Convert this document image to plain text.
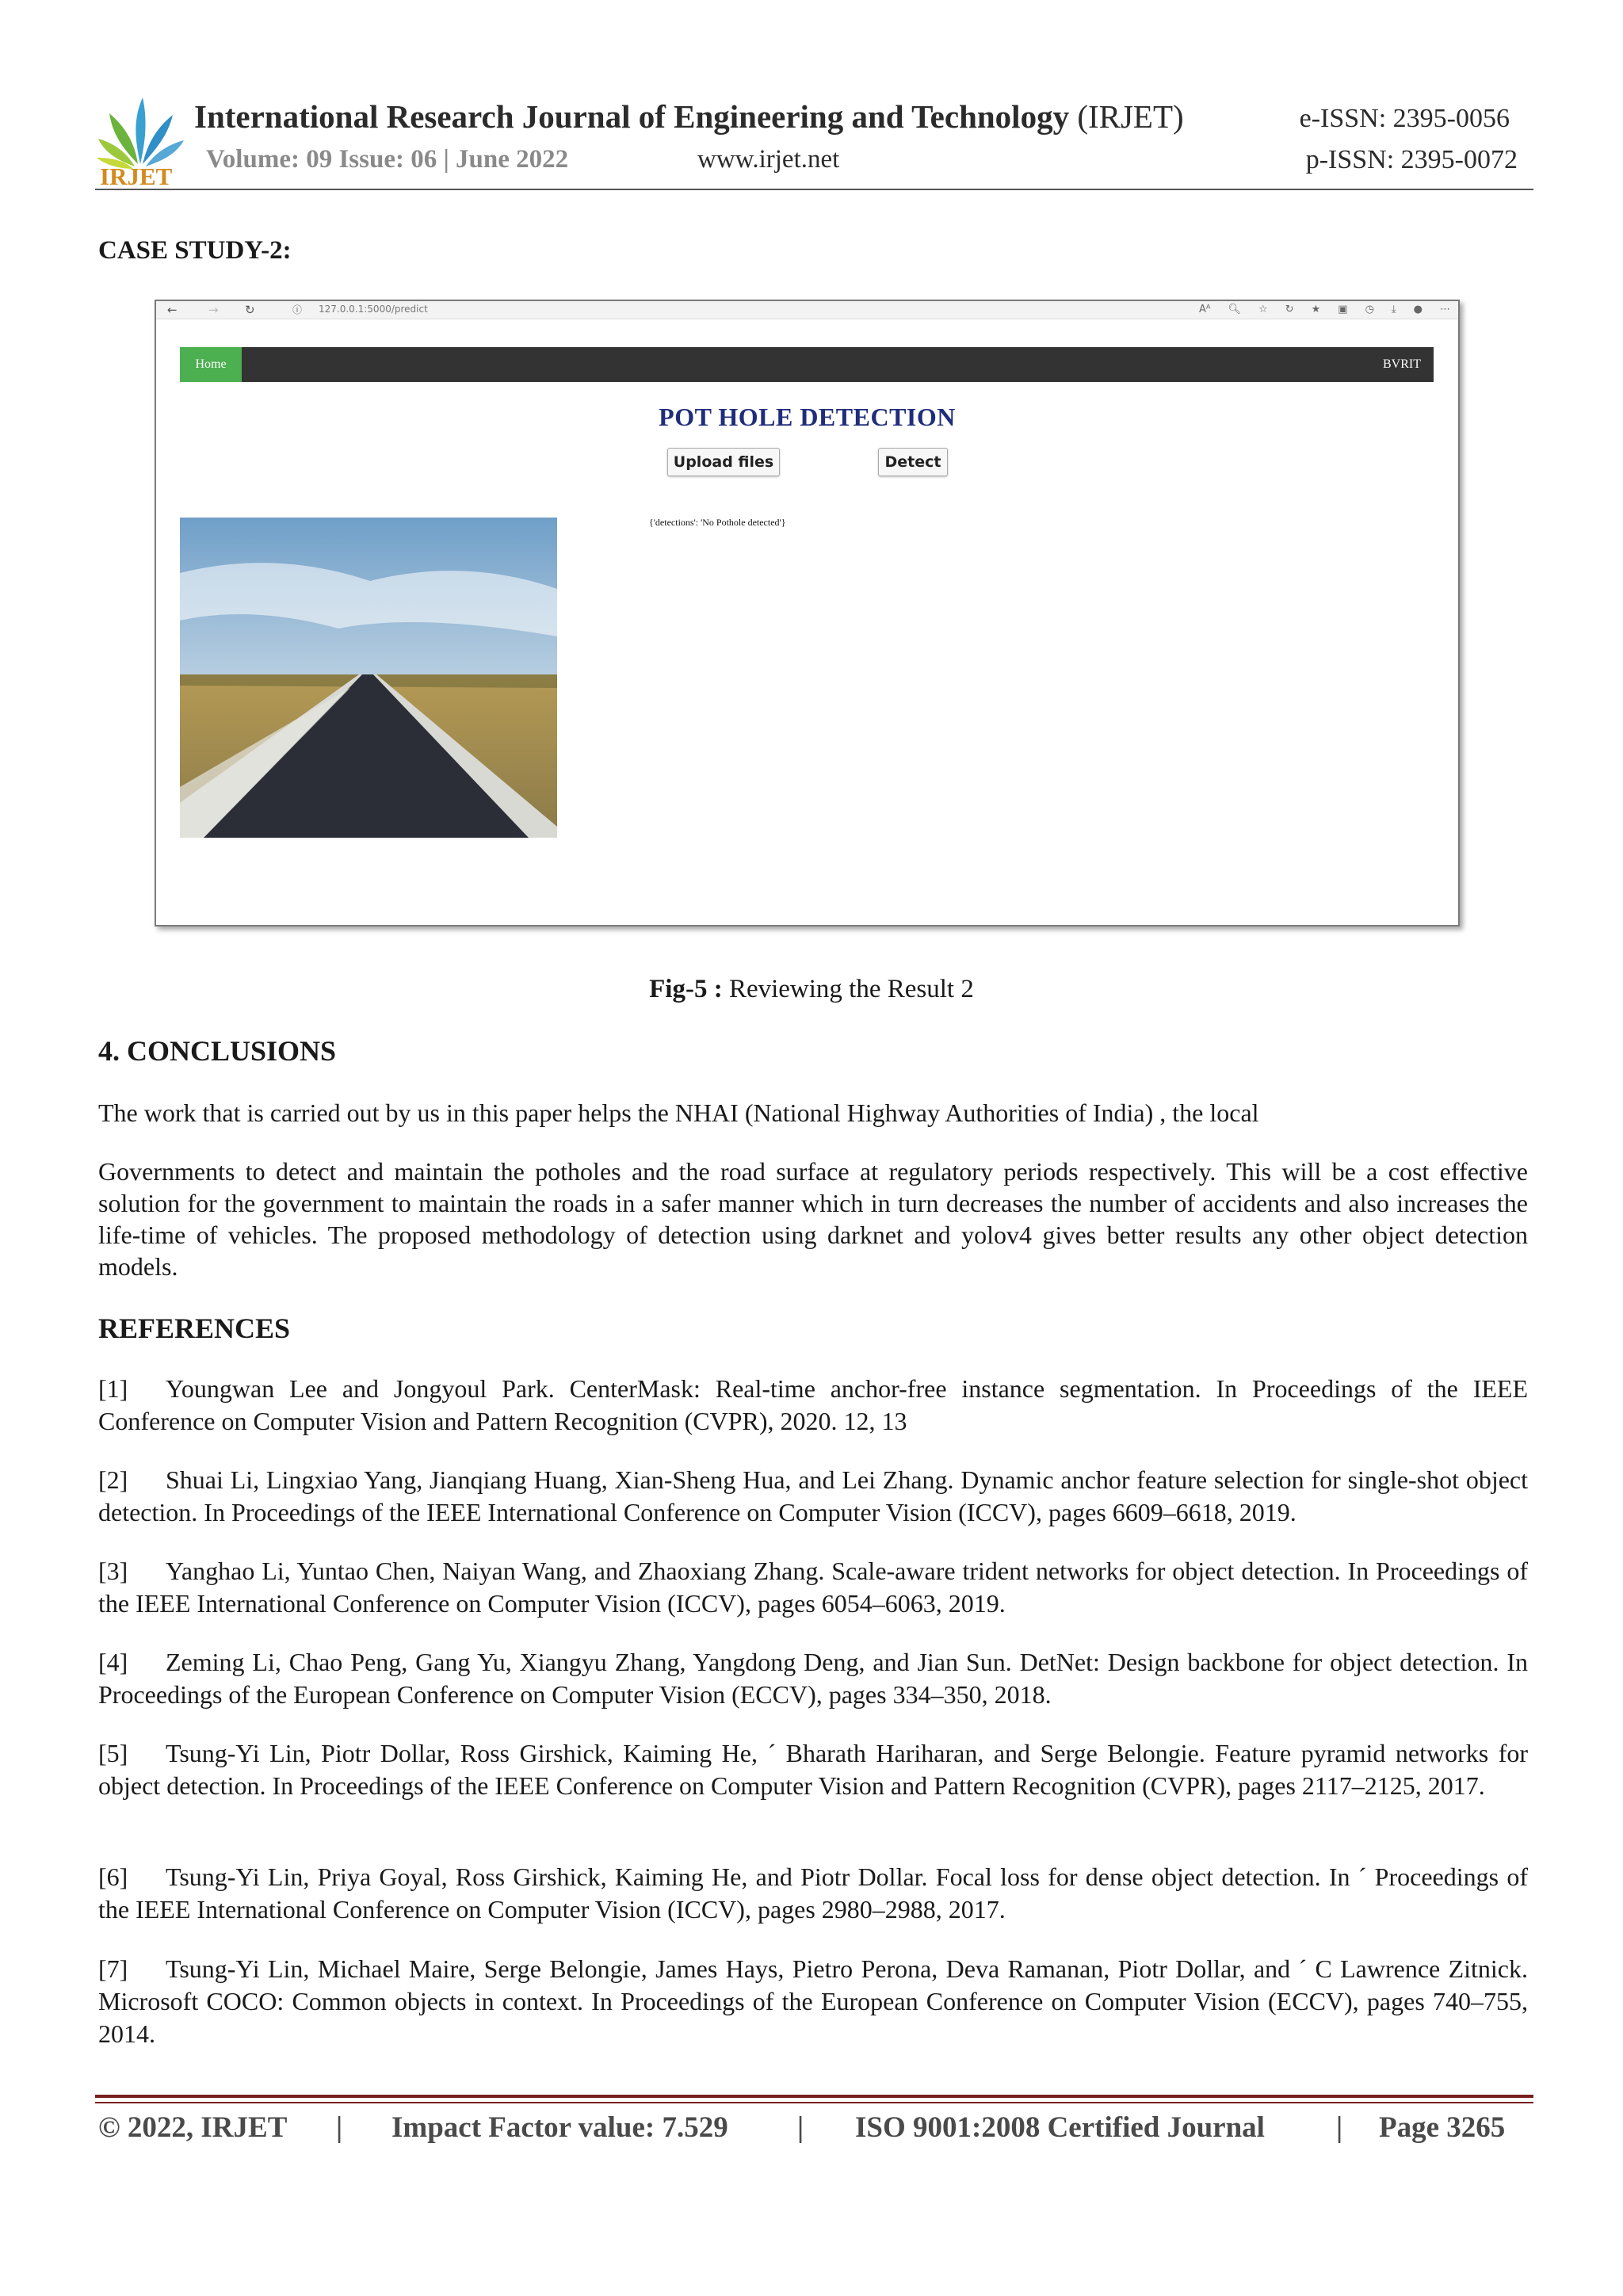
IRJET
International Research Journal of Engineering and Technology (IRJET)
Volume: 09 Issue: 06 | June 2022	www.irjet.net
e-ISSN: 2395-0056
p-ISSN: 2395-0072
CASE STUDY-2:
←	→ ↻	ⓘ 127.0.0.1:5000/predict	Aᴬ 🔍︎ ☆ ↻ ★ ▣ ◷ ⤓ ● ⋯
Home	BVRIT
POT HOLE DETECTION
Upload files	Detect
{'detections': 'No Pothole detected'}
Fig-5 : Reviewing the Result 2
4. CONCLUSIONS
The work that is carried out by us in this paper helps the NHAI (National Highway Authorities of India) , the local
Governments to detect and maintain the potholes and the road surface at regulatory periods respectively. This will be a cost effective solution for the government to maintain the roads in a safer manner which in turn decreases the number of accidents and also increases the life-time of vehicles. The proposed methodology of detection using darknet and yolov4 gives better results any other object detection models.
REFERENCES
[1] Youngwan Lee and Jongyoul Park. CenterMask: Real-time anchor-free instance segmentation. In Proceedings of the IEEE Conference on Computer Vision and Pattern Recognition (CVPR), 2020. 12, 13
[2] Shuai Li, Lingxiao Yang, Jianqiang Huang, Xian-Sheng Hua, and Lei Zhang. Dynamic anchor feature selection for single-shot object detection. In Proceedings of the IEEE International Conference on Computer Vision (ICCV), pages 6609–6618, 2019.
[3] Yanghao Li, Yuntao Chen, Naiyan Wang, and Zhaoxiang Zhang. Scale-aware trident networks for object detection. In Proceedings of the IEEE International Conference on Computer Vision (ICCV), pages 6054–6063, 2019.
[4] Zeming Li, Chao Peng, Gang Yu, Xiangyu Zhang, Yangdong Deng, and Jian Sun. DetNet: Design backbone for object detection. In Proceedings of the European Conference on Computer Vision (ECCV), pages 334–350, 2018.
[5] Tsung-Yi Lin, Piotr Dollar, Ross Girshick, Kaiming He, ´ Bharath Hariharan, and Serge Belongie. Feature pyramid networks for object detection. In Proceedings of the IEEE Conference on Computer Vision and Pattern Recognition (CVPR), pages 2117–2125, 2017.
[6] Tsung-Yi Lin, Priya Goyal, Ross Girshick, Kaiming He, and Piotr Dollar. Focal loss for dense object detection. In ´ Proceedings of the IEEE International Conference on Computer Vision (ICCV), pages 2980–2988, 2017.
[7] Tsung-Yi Lin, Michael Maire, Serge Belongie, James Hays, Pietro Perona, Deva Ramanan, Piotr Dollar, and ´ C Lawrence Zitnick. Microsoft COCO: Common objects in context. In Proceedings of the European Conference on Computer Vision (ECCV), pages 740–755, 2014.
© 2022, IRJET | Impact Factor value: 7.529 | ISO 9001:2008 Certified Journal | Page 3265
